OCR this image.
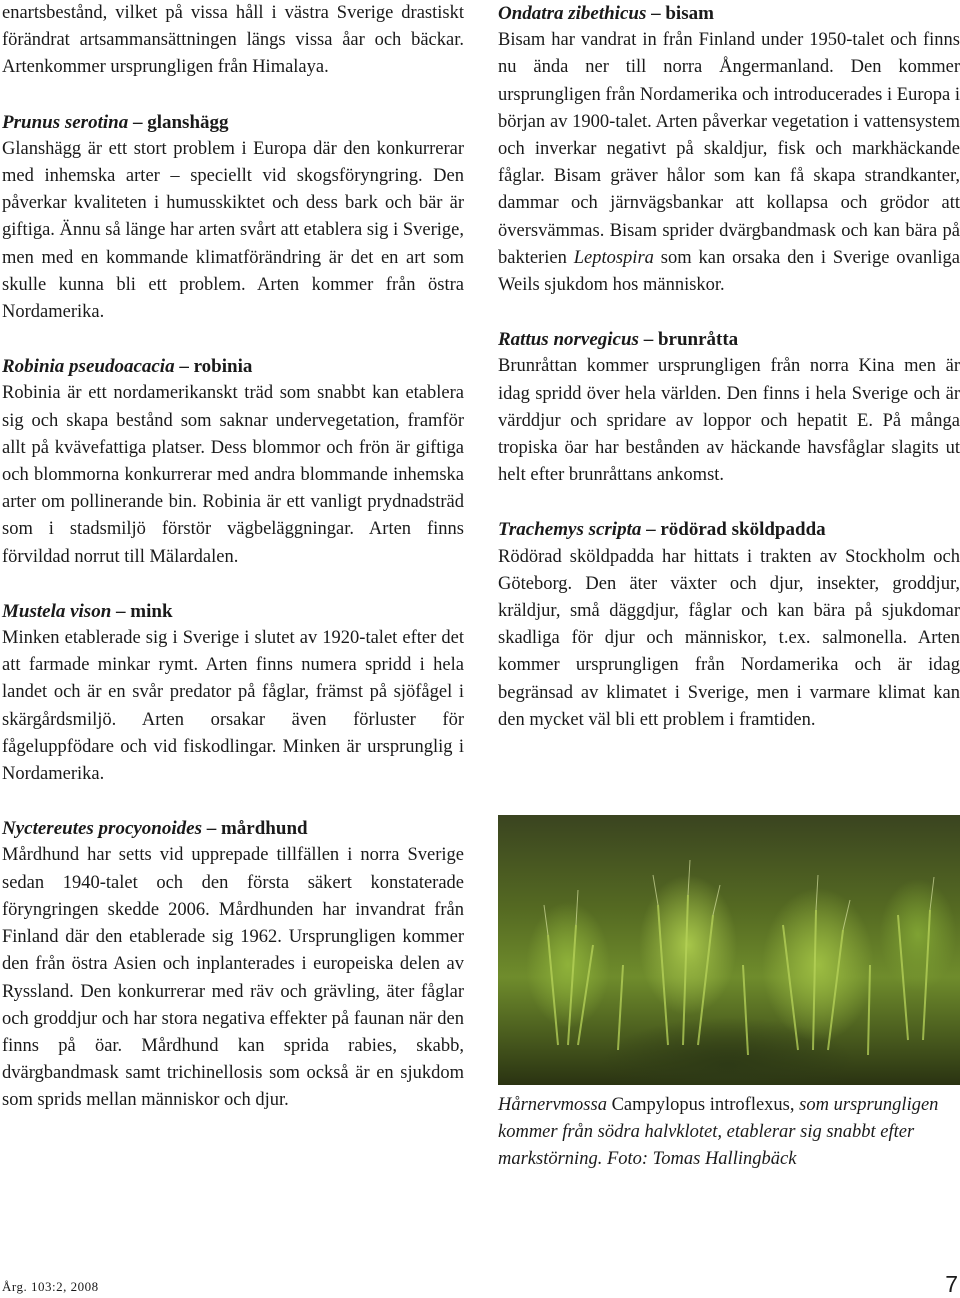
enartsbestånd, vilket på vissa håll i västra Sverige drastiskt förändrat artsammansättningen längs vissa åar och bäckar. Artenkommer ursprungligen från Himalaya.

Prunus serotina – glanshägg

Glanshägg är ett stort problem i Europa där den konkurrerar med inhemska arter – speciellt vid skogsföryngring. Den påverkar kvaliteten i humusskiktet och dess bark och bär är giftiga. Ännu så länge har arten svårt att etablera sig i Sverige, men med en kommande klimatförändring är det en art som skulle kunna bli ett problem. Arten kommer från östra Nordamerika.

Robinia pseudoacacia – robinia

Robinia är ett nordamerikanskt träd som snabbt kan etablera sig och skapa bestånd som saknar undervegetation, framför allt på kvävefattiga platser. Dess blommor och frön är giftiga och blommorna konkurrerar med andra blommande inhemska arter om pollinerande bin. Robinia är ett vanligt prydnadsträd som i stadsmiljö förstör vägbeläggningar. Arten finns förvildad norrut till Mälardalen.

Mustela vison – mink

Minken etablerade sig i Sverige i slutet av 1920-talet efter det att farmade minkar rymt. Arten finns numera spridd i hela landet och är en svår predator på fåglar, främst på sjöfågel i skärgårdsmiljö. Arten orsakar även förluster för fågeluppfödare och vid fiskodlingar. Minken är ursprunglig i Nordamerika.

Nyctereutes procyonoides – mårdhund

Mårdhund har setts vid upprepade tillfällen i norra Sverige sedan 1940-talet och den första säkert konstaterade föryngringen skedde 2006. Mårdhunden har invandrat från Finland där den etablerade sig 1962. Ursprungligen kommer den från östra Asien och inplanterades i europeiska delen av Ryssland. Den konkurrerar med räv och grävling, äter fåglar och groddjur och har stora negativa effekter på faunan när den finns på öar. Mårdhund kan sprida rabies, skabb, dvärgbandmask samt trichinellosis som också är en sjukdom som sprids mellan människor och djur.

Ondatra zibethicus – bisam

Bisam har vandrat in från Finland under 1950-talet och finns nu ända ner till norra Ångermanland. Den kommer ursprungligen från Nordamerika och introducerades i Europa i början av 1900-talet. Arten påverkar vegetation i vattensystem och inverkar negativt på skaldjur, fisk och markhäckande fåglar. Bisam gräver hålor som kan få skapa strandkanter, dammar och järnvägsbankar att kollapsa och grödor att översvämmas. Bisam sprider dvärgbandmask och kan bära på bakterien Leptospira som kan orsaka den i Sverige ovanliga Weils sjukdom hos människor.

Rattus norvegicus – brunråtta

Brunråttan kommer ursprungligen från norra Kina men är idag spridd över hela världen. Den finns i hela Sverige och är värddjur och spridare av loppor och hepatit E. På många tropiska öar har bestånden av häckande havsfåglar slagits ut helt efter brunråttans ankomst.

Trachemys scripta – rödörad sköldpadda

Rödörad sköldpadda har hittats i trakten av Stockholm och Göteborg. Den äter växter och djur, insekter, groddjur, kräldjur, små däggdjur, fåglar och kan bära på sjukdomar skadliga för djur och människor, t.ex. salmonella. Arten kommer ursprungligen från Nordamerika och är idag begränsad av klimatet i Sverige, men i varmare klimat kan den mycket väl bli ett problem i framtiden.

Hårnervmossa Campylopus introflexus, som ursprungligen kommer från södra halvklotet, etablerar sig snabbt efter markstörning. Foto: Tomas Hallingbäck

Årg. 103:2, 2008	7
